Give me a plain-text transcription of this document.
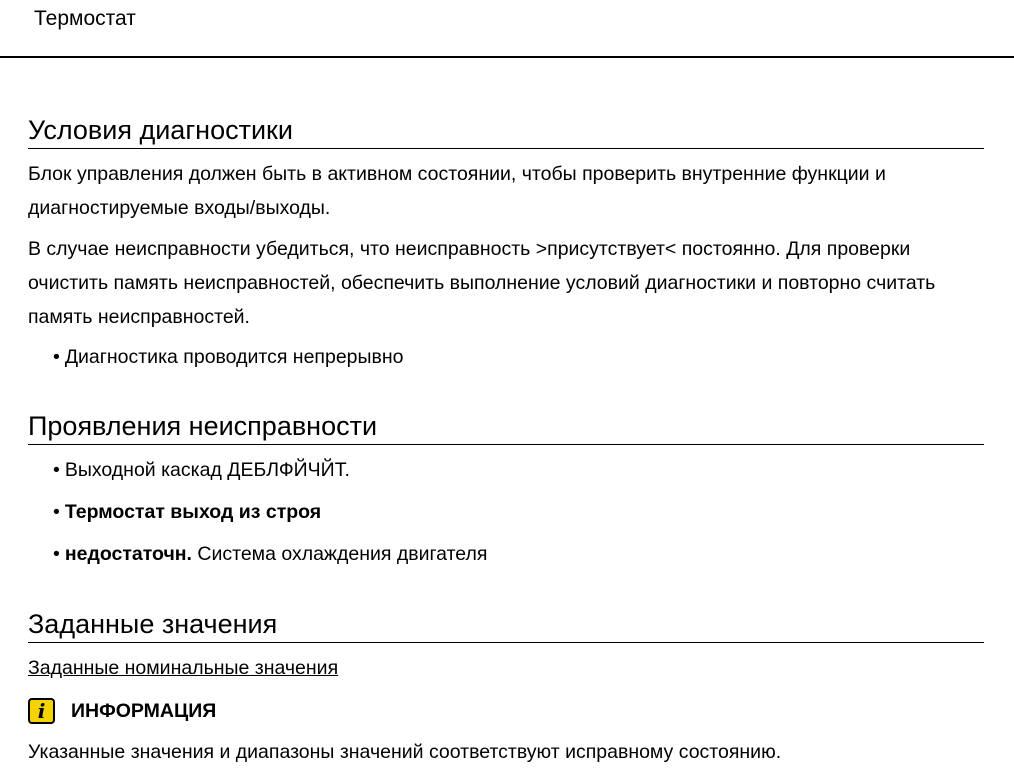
Термостат
Условия диагностики

Блок управления должен быть в активном состоянии, чтобы проверить внутренние функции и диагностируемые входы/выходы.

В случае неисправности убедиться, что неисправность >присутствует< постоянно. Для проверки очистить память неисправностей, обеспечить выполнение условий диагностики и повторно считать память неисправностей.

• Диагностика проводится непрерывно
Проявления неисправности
• Выходной каскад ДЕБЛФЙЧЙТ.
• Термостат выход из строя
• недостаточн. Система охлаждения двигателя
Заданные значения
Заданные номинальные значения
i	ИНФОРМАЦИЯ

Указанные значения и диапазоны значений соответствуют исправному состоянию.
